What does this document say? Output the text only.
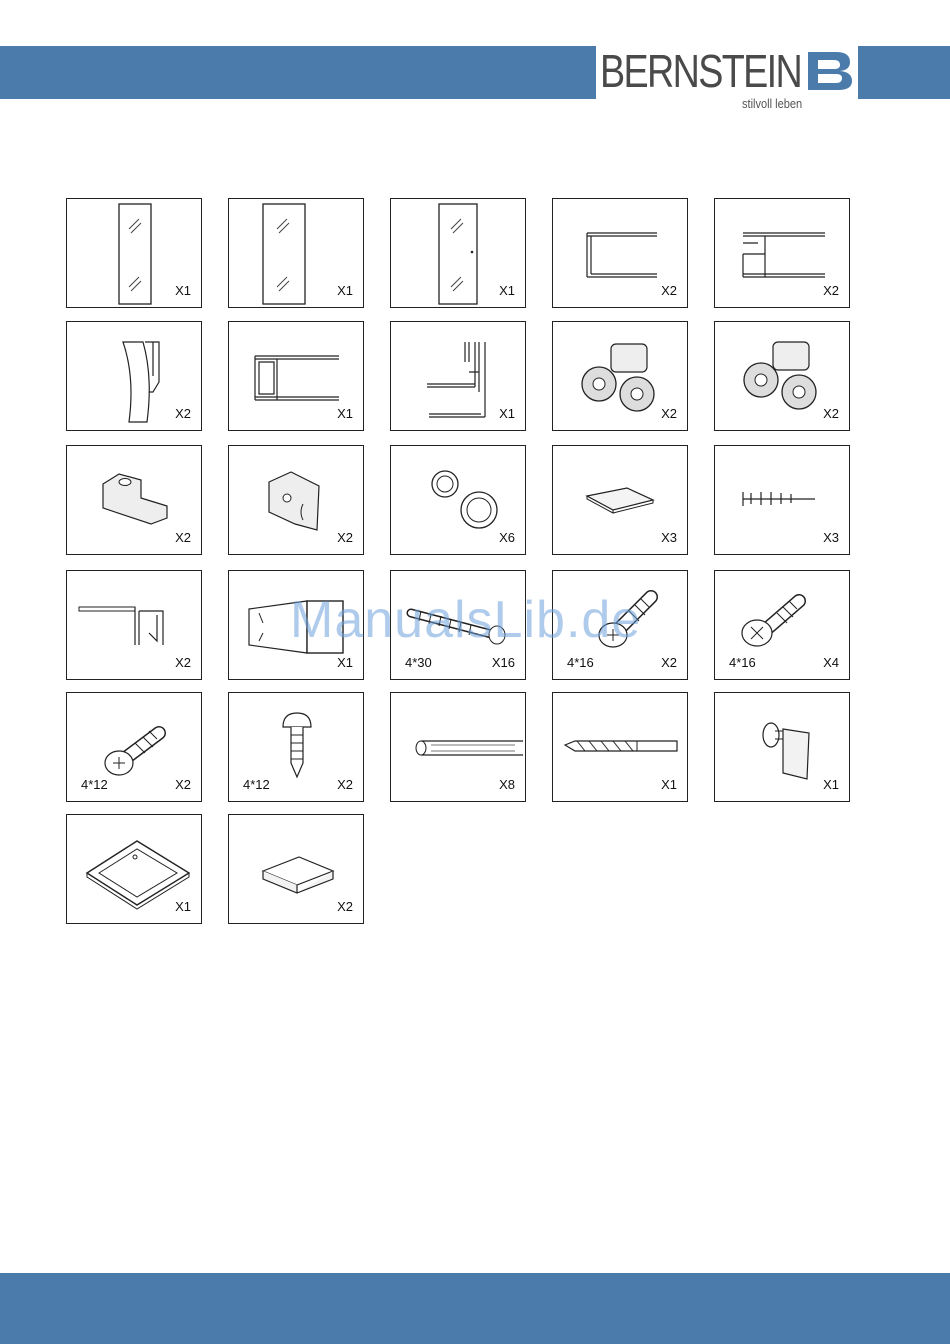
BERNSTEIN
stilvoll leben
X1	X1	X1	X2	X2
X2	X1	X1	X2	X2
X2	X2	X6	X3	X3
X2	X1	4*30	X16	4*16	X2	4*16	X4
4*12	X2	4*12	X2	X8	X1	X1
X1	X2
ManualsLib.de
